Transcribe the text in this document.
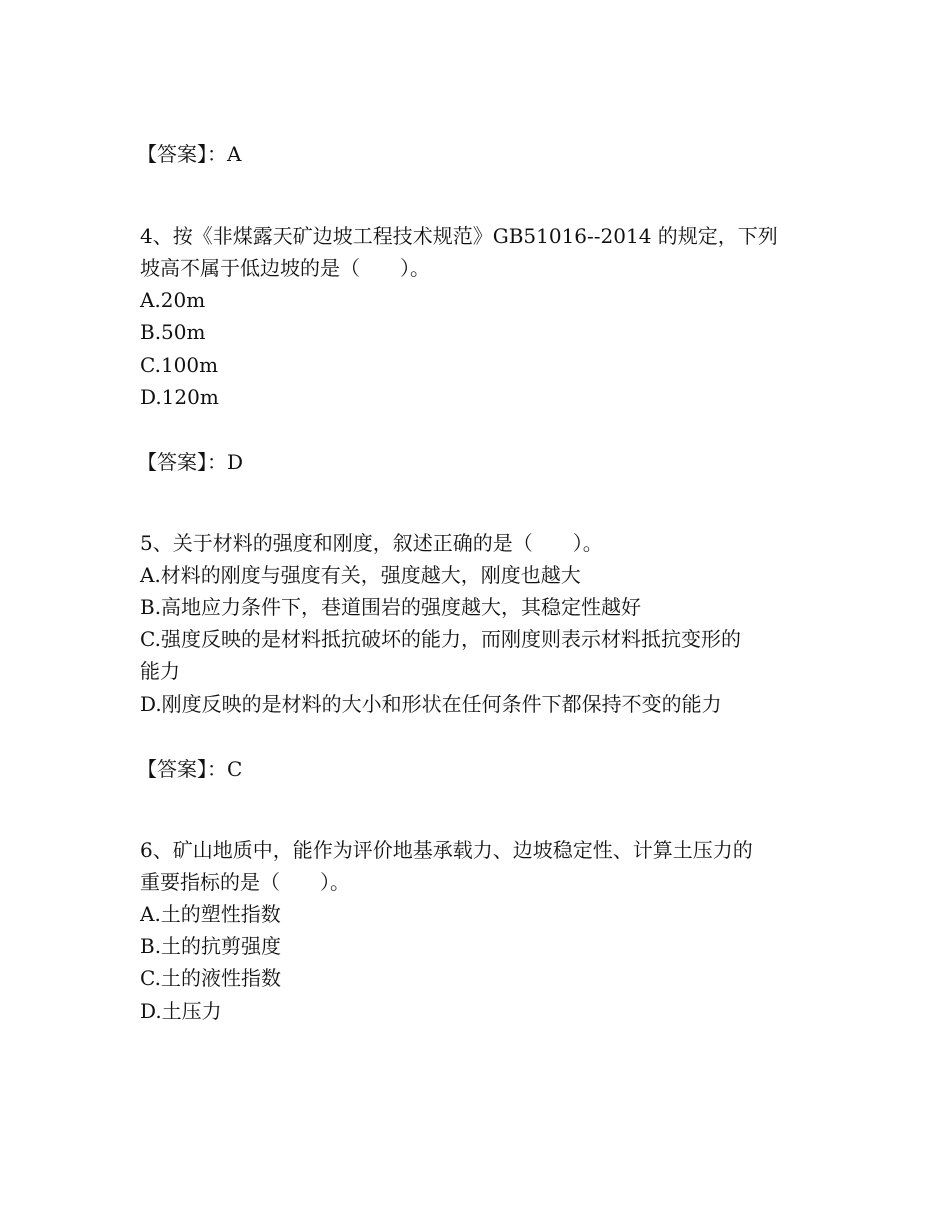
【答案】：A
4、按《非煤露天矿边坡工程技术规范》GB51016--2014 的规定，下列
坡高不属于低边坡的是（　　）。
A.20m
B.50m
C.100m
D.120m
【答案】：D
5、关于材料的强度和刚度，叙述正确的是（　　）。
A.材料的刚度与强度有关，强度越大，刚度也越大
B.高地应力条件下，巷道围岩的强度越大，其稳定性越好
C.强度反映的是材料抵抗破坏的能力，而刚度则表示材料抵抗变形的
能力
D.刚度反映的是材料的大小和形状在任何条件下都保持不变的能力
【答案】：C
6、矿山地质中，能作为评价地基承载力、边坡稳定性、计算土压力的
重要指标的是（　　）。
A.土的塑性指数
B.土的抗剪强度
C.土的液性指数
D.土压力
